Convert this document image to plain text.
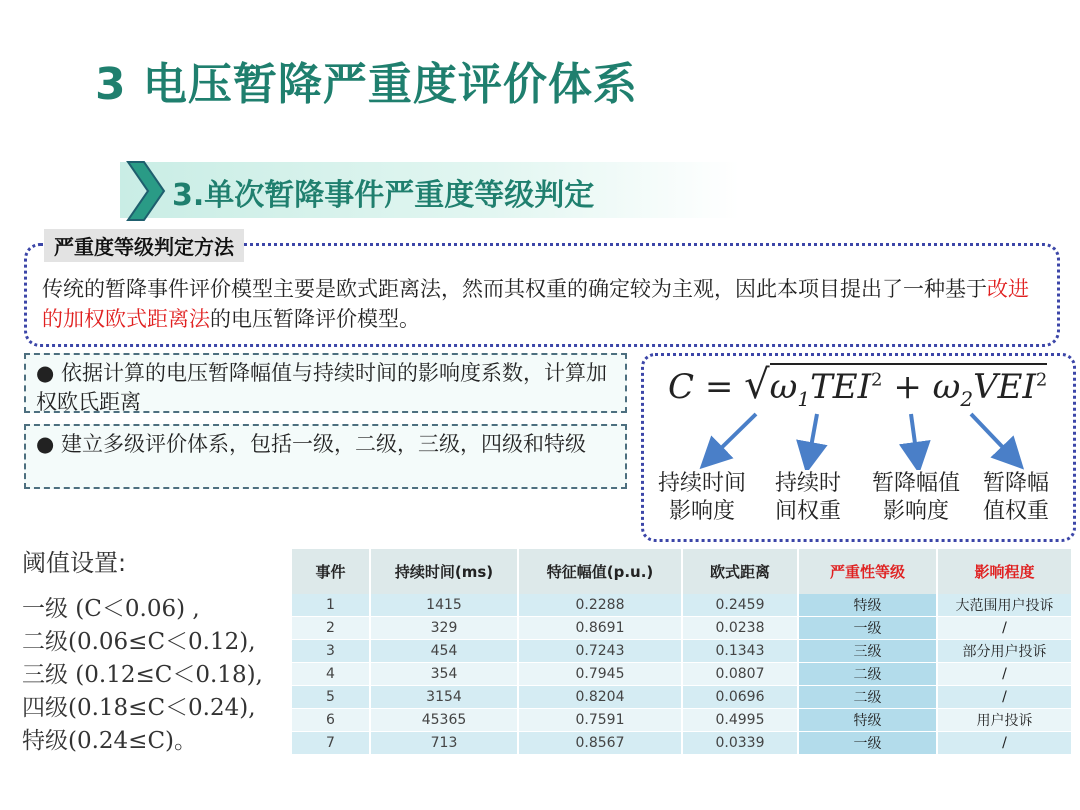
3 电压暂降严重度评价体系
3.单次暂降事件严重度等级判定
严重度等级判定方法
传统的暂降事件评价模型主要是欧式距离法，然而其权重的确定较为主观，因此本项目提出了一种基于改进的加权欧式距离法的电压暂降评价模型。
● 依据计算的电压暂降幅值与持续时间的影响度系数，计算加权欧氏距离
● 建立多级评价体系，包括一级，二级，三级，四级和特级
$C = √\omega_1TEI^2 + \omega_2VEI^2$
持续时间
影响度
持续时
间权重
暂降幅值
影响度
暂降幅
值权重
阈值设置:
一级 (C＜0.06) ,
二级(0.06≤C＜0.12),
三级 (0.12≤C＜0.18),
四级(0.18≤C＜0.24),
特级(0.24≤C)。
事件	持续时间(ms)	特征幅值(p.u.)	欧式距离	严重性等级	影响程度
1	1415	0.2288	0.2459	特级	大范围用户投诉
2	329	0.8691	0.0238	一级	/
3	454	0.7243	0.1343	三级	部分用户投诉
4	354	0.7945	0.0807	二级	/
5	3154	0.8204	0.0696	二级	/
6	45365	0.7591	0.4995	特级	用户投诉
7	713	0.8567	0.0339	一级	/
